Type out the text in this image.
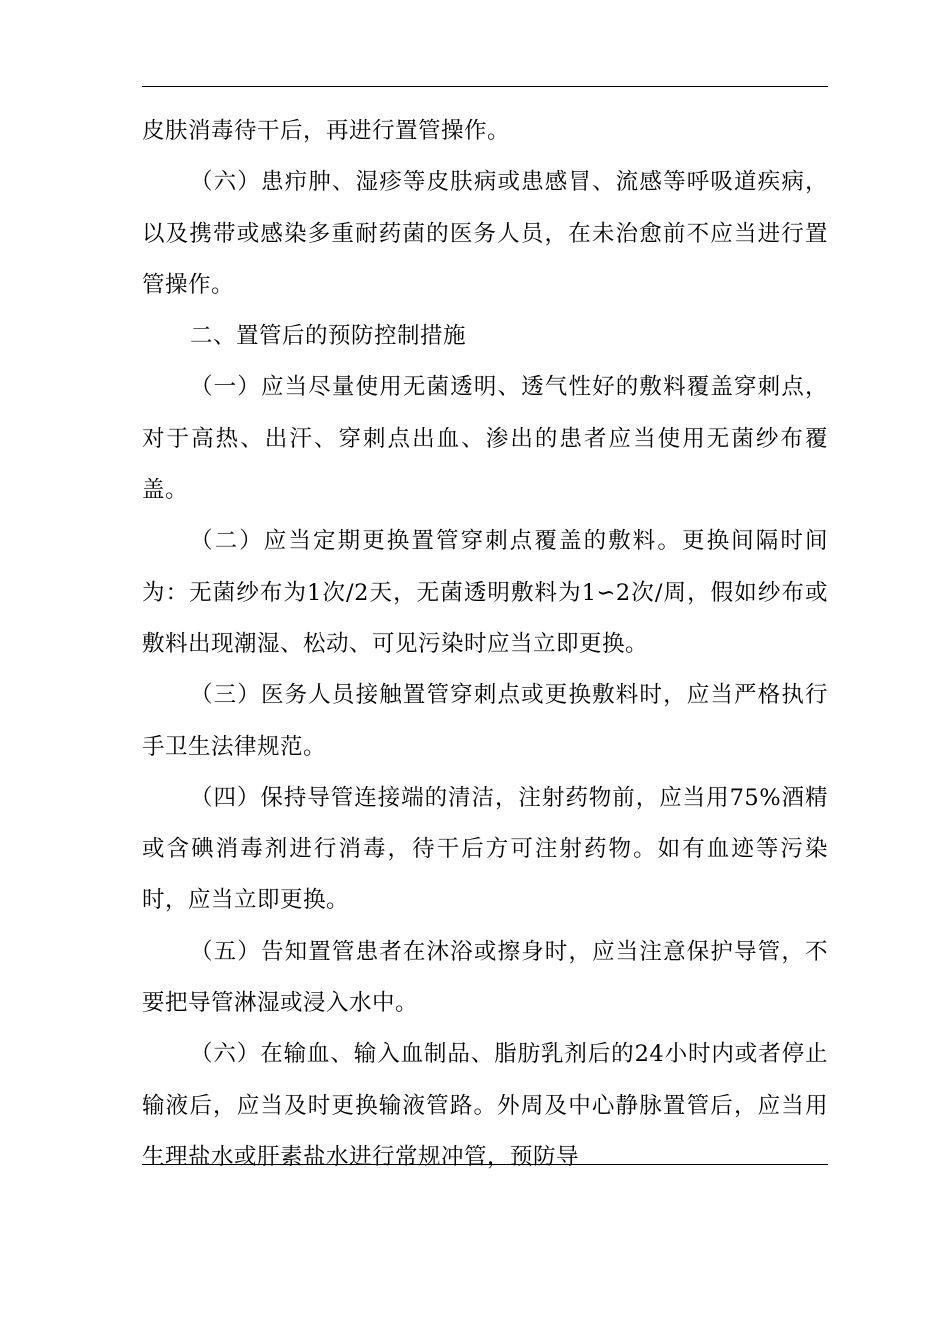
皮肤消毒待干后，再进行置管操作。

（六）患疖肿、湿疹等皮肤病或患感冒、流感等呼吸道疾病，以及携带或感染多重耐药菌的医务人员，在未治愈前不应当进行置管操作。

二、置管后的预防控制措施

（一）应当尽量使用无菌透明、透气性好的敷料覆盖穿刺点，对于高热、出汗、穿刺点出血、渗出的患者应当使用无菌纱布覆盖。

（二）应当定期更换置管穿刺点覆盖的敷料。更换间隔时间为：无菌纱布为1次/2天，无菌透明敷料为1∽2次/周，假如纱布或敷料出现潮湿、松动、可见污染时应当立即更换。

（三）医务人员接触置管穿刺点或更换敷料时，应当严格执行手卫生法律规范。

（四）保持导管连接端的清洁，注射药物前，应当用75%酒精或含碘消毒剂进行消毒，待干后方可注射药物。如有血迹等污染时，应当立即更换。

（五）告知置管患者在沐浴或擦身时，应当注意保护导管，不要把导管淋湿或浸入水中。

（六）在输血、输入血制品、脂肪乳剂后的24小时内或者停止输液后，应当及时更换输液管路。外周及中心静脉置管后，应当用生理盐水或肝素盐水进行常规冲管，预防导
